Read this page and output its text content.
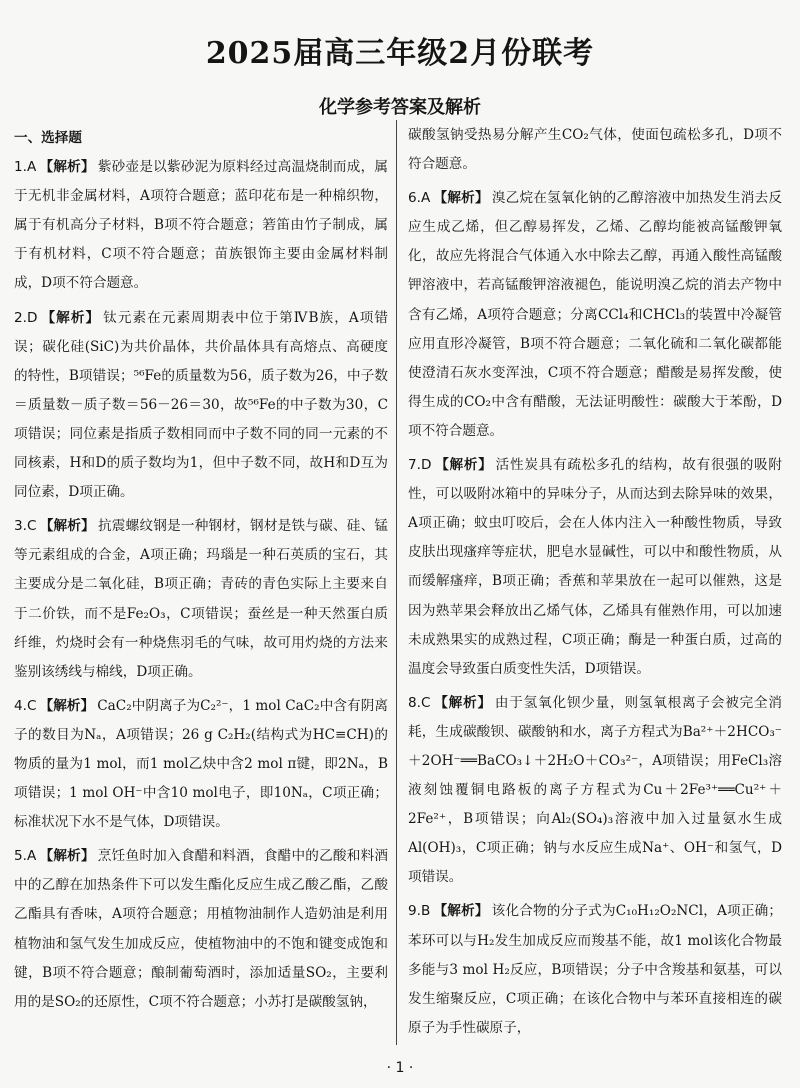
2025届高三年级2月份联考
化学参考答案及解析
一、选择题
1.A 【解析】 紫砂壶是以紫砂泥为原料经过高温烧制而成，属于无机非金属材料，A项符合题意；蓝印花布是一种棉织物，属于有机高分子材料，B项不符合题意；箬笛由竹子制成，属于有机材料，C项不符合题意；苗族银饰主要由金属材料制成，D项不符合题意。
2.D 【解析】 钛元素在元素周期表中位于第ⅣB族，A项错误；碳化硅(SiC)为共价晶体，共价晶体具有高熔点、高硬度的特性，B项错误；⁵⁶Fe的质量数为56，质子数为26，中子数＝质量数－质子数＝56－26＝30，故⁵⁶Fe的中子数为30，C项错误；同位素是指质子数相同而中子数不同的同一元素的不同核素，H和D的质子数均为1，但中子数不同，故H和D互为同位素，D项正确。
3.C 【解析】 抗震螺纹钢是一种钢材，钢材是铁与碳、硅、锰等元素组成的合金，A项正确；玛瑙是一种石英质的宝石，其主要成分是二氧化硅，B项正确；青砖的青色实际上主要来自于二价铁，而不是Fe₂O₃，C项错误；蚕丝是一种天然蛋白质纤维，灼烧时会有一种烧焦羽毛的气味，故可用灼烧的方法来鉴别该绣线与棉线，D项正确。
4.C 【解析】 CaC₂中阴离子为C₂²⁻，1 mol CaC₂中含有阴离子的数目为Nₐ，A项错误；26 g C₂H₂(结构式为HC≡CH)的物质的量为1 mol，而1 mol乙炔中含2 mol π键，即2Nₐ，B项错误；1 mol OH⁻中含10 mol电子，即10Nₐ，C项正确；标准状况下水不是气体，D项错误。
5.A 【解析】 烹饪鱼时加入食醋和料酒，食醋中的乙酸和料酒中的乙醇在加热条件下可以发生酯化反应生成乙酸乙酯，乙酸乙酯具有香味，A项符合题意；用植物油制作人造奶油是利用植物油和氢气发生加成反应，使植物油中的不饱和键变成饱和键，B项不符合题意；酿制葡萄酒时，添加适量SO₂，主要利用的是SO₂的还原性，C项不符合题意；小苏打是碳酸氢钠，
碳酸氢钠受热易分解产生CO₂气体，使面包疏松多孔，D项不符合题意。
6.A 【解析】 溴乙烷在氢氧化钠的乙醇溶液中加热发生消去反应生成乙烯，但乙醇易挥发，乙烯、乙醇均能被高锰酸钾氧化，故应先将混合气体通入水中除去乙醇，再通入酸性高锰酸钾溶液中，若高锰酸钾溶液褪色，能说明溴乙烷的消去产物中含有乙烯，A项符合题意；分离CCl₄和CHCl₃的装置中冷凝管应用直形冷凝管，B项不符合题意；二氧化硫和二氧化碳都能使澄清石灰水变浑浊，C项不符合题意；醋酸是易挥发酸，使得生成的CO₂中含有醋酸，无法证明酸性：碳酸大于苯酚，D项不符合题意。
7.D 【解析】 活性炭具有疏松多孔的结构，故有很强的吸附性，可以吸附冰箱中的异味分子，从而达到去除异味的效果，A项正确；蚊虫叮咬后，会在人体内注入一种酸性物质，导致皮肤出现瘙痒等症状，肥皂水显碱性，可以中和酸性物质，从而缓解瘙痒，B项正确；香蕉和苹果放在一起可以催熟，这是因为熟苹果会释放出乙烯气体，乙烯具有催熟作用，可以加速未成熟果实的成熟过程，C项正确；酶是一种蛋白质，过高的温度会导致蛋白质变性失活，D项错误。
8.C 【解析】 由于氢氧化钡少量，则氢氧根离子会被完全消耗，生成碳酸钡、碳酸钠和水，离子方程式为Ba²⁺＋2HCO₃⁻＋2OH⁻══BaCO₃↓＋2H₂O＋CO₃²⁻，A项错误；用FeCl₃溶液刻蚀覆铜电路板的离子方程式为Cu＋2Fe³⁺══Cu²⁺＋2Fe²⁺，B项错误；向Al₂(SO₄)₃溶液中加入过量氨水生成Al(OH)₃，C项正确；钠与水反应生成Na⁺、OH⁻和氢气，D项错误。
9.B 【解析】 该化合物的分子式为C₁₀H₁₂O₂NCl，A项正确；苯环可以与H₂发生加成反应而羧基不能，故1 mol该化合物最多能与3 mol H₂反应，B项错误；分子中含羧基和氨基，可以发生缩聚反应，C项正确；在该化合物中与苯环直接相连的碳原子为手性碳原子，
· 1 ·
